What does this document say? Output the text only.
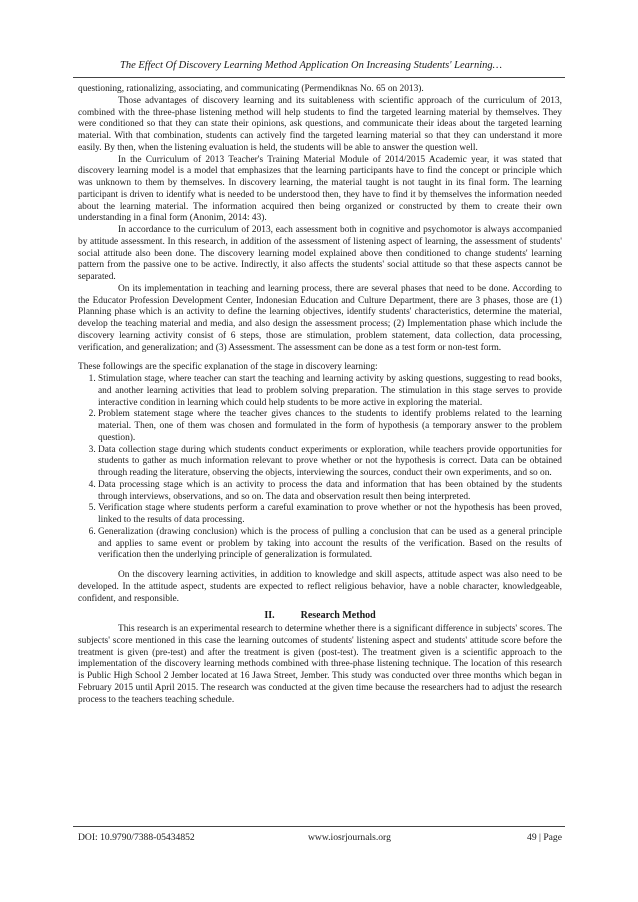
The Effect Of Discovery Learning Method Application On Increasing Students' Learning…

questioning, rationalizing, associating, and communicating (Permendiknas No. 65 on 2013).

Those advantages of discovery learning and its suitableness with scientific approach of the curriculum of 2013, combined with the three-phase listening method will help students to find the targeted learning material by themselves. They were conditioned so that they can state their opinions, ask questions, and communicate their ideas about the targeted learning material. With that combination, students can actively find the targeted learning material so that they can understand it more easily. By then, when the listening evaluation is held, the students will be able to answer the question well.

In the Curriculum of 2013 Teacher's Training Material Module of 2014/2015 Academic year, it was stated that discovery learning model is a model that emphasizes that the learning participants have to find the concept or principle which was unknown to them by themselves. In discovery learning, the material taught is not taught in its final form. The learning participant is driven to identify what is needed to be understood then, they have to find it by themselves the information needed about the learning material. The information acquired then being organized or constructed by them to create their own understanding in a final form (Anonim, 2014: 43).

In accordance to the curriculum of 2013, each assessment both in cognitive and psychomotor is always accompanied by attitude assessment. In this research, in addition of the assessment of listening aspect of learning, the assessment of students' social attitude also been done. The discovery learning model explained above then conditioned to change students' learning pattern from the passive one to be active. Indirectly, it also affects the students' social attitude so that these aspects cannot be separated.

On its implementation in teaching and learning process, there are several phases that need to be done. According to the Educator Profession Development Center, Indonesian Education and Culture Department, there are 3 phases, those are (1) Planning phase which is an activity to define the learning objectives, identify students' characteristics, determine the material, develop the teaching material and media, and also design the assessment process; (2) Implementation phase which include the discovery learning activity consist of 6 steps, those are stimulation, problem statement, data collection, data processing, verification, and generalization; and (3) Assessment. The assessment can be done as a test form or non-test form.

These followings are the specific explanation of the stage in discovery learning:

1. Stimulation stage, where teacher can start the teaching and learning activity by asking questions, suggesting to read books, and another learning activities that lead to problem solving preparation. The stimulation in this stage serves to provide interactive condition in learning which could help students to be more active in exploring the material.
2. Problem statement stage where the teacher gives chances to the students to identify problems related to the learning material. Then, one of them was chosen and formulated in the form of hypothesis (a temporary answer to the problem question).
3. Data collection stage during which students conduct experiments or exploration, while teachers provide opportunities for students to gather as much information relevant to prove whether or not the hypothesis is correct. Data can be obtained through reading the literature, observing the objects, interviewing the sources, conduct their own experiments, and so on.
4. Data processing stage which is an activity to process the data and information that has been obtained by the students through interviews, observations, and so on. The data and observation result then being interpreted.
5. Verification stage where students perform a careful examination to prove whether or not the hypothesis has been proved, linked to the results of data processing.
6. Generalization (drawing conclusion) which is the process of pulling a conclusion that can be used as a general principle and applies to same event or problem by taking into account the results of the verification. Based on the results of verification then the underlying principle of generalization is formulated.

On the discovery learning activities, in addition to knowledge and skill aspects, attitude aspect was also need to be developed. In the attitude aspect, students are expected to reflect religious behavior, have a noble character, knowledgeable, confident, and responsible.

II.	Research Method

This research is an experimental research to determine whether there is a significant difference in subjects' scores. The subjects' score mentioned in this case the learning outcomes of students' listening aspect and students' attitude score before the treatment is given (pre-test) and after the treatment is given (post-test). The treatment given is a scientific approach to the implementation of the discovery learning methods combined with three-phase listening technique. The location of this research is Public High School 2 Jember located at 16 Jawa Street, Jember. This study was conducted over three months which began in February 2015 until April 2015. The research was conducted at the given time because the researchers had to adjust the research process to the teachers teaching schedule.

DOI: 10.9790/7388-05434852	www.iosrjournals.org	49 | Page
